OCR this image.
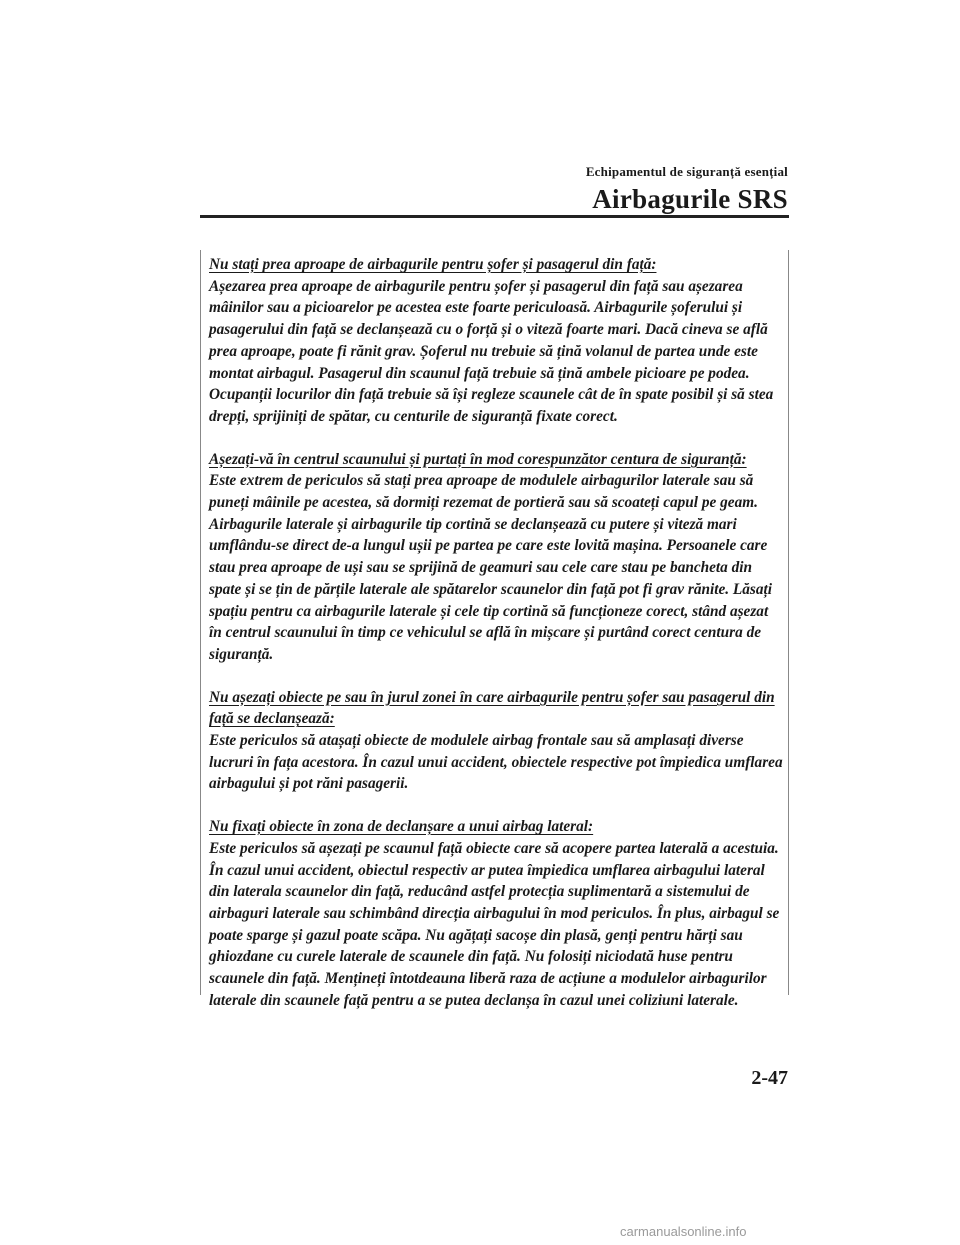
Echipamentul de siguranță esențial
Airbagurile SRS
Nu stați prea aproape de airbagurile pentru șofer și pasagerul din față:

Așezarea prea aproape de airbagurile pentru șofer și pasagerul din față sau așezarea mâinilor sau a picioarelor pe acestea este foarte periculoasă. Airbagurile șoferului și pasagerului din față se declanșează cu o forță și o viteză foarte mari. Dacă cineva se află prea aproape, poate fi rănit grav. Șoferul nu trebuie să țină volanul de partea unde este montat airbagul. Pasagerul din scaunul față trebuie să țină ambele picioare pe podea. Ocupanții locurilor din față trebuie să își regleze scaunele cât de în spate posibil și să stea drepți, sprijiniți de spătar, cu centurile de siguranță fixate corect.

Așezați-vă în centrul scaunului și purtați în mod corespunzător centura de siguranță:

Este extrem de periculos să stați prea aproape de modulele airbagurilor laterale sau să puneți mâinile pe acestea, să dormiți rezemat de portieră sau să scoateți capul pe geam. Airbagurile laterale și airbagurile tip cortină se declanșează cu putere și viteză mari umflându-se direct de-a lungul ușii pe partea pe care este lovită mașina. Persoanele care stau prea aproape de uși sau se sprijină de geamuri sau cele care stau pe bancheta din spate și se țin de părțile laterale ale spătarelor scaunelor din față pot fi grav rănite. Lăsați spațiu pentru ca airbagurile laterale și cele tip cortină să funcționeze corect, stând așezat în centrul scaunului în timp ce vehiculul se află în mișcare și purtând corect centura de siguranță.

Nu așezați obiecte pe sau în jurul zonei în care airbagurile pentru șofer sau pasagerul din față se declanșează:

Este periculos să atașați obiecte de modulele airbag frontale sau să amplasați diverse lucruri în fața acestora. În cazul unui accident, obiectele respective pot împiedica umflarea airbagului și pot răni pasagerii.

Nu fixați obiecte în zona de declanșare a unui airbag lateral:

Este periculos să așezați pe scaunul față obiecte care să acopere partea laterală a acestuia. În cazul unui accident, obiectul respectiv ar putea împiedica umflarea airbagului lateral din laterala scaunelor din față, reducând astfel protecția suplimentară a sistemului de airbaguri laterale sau schimbând direcția airbagului în mod periculos. În plus, airbagul se poate sparge și gazul poate scăpa. Nu agățați sacoșe din plasă, genți pentru hărți sau ghiozdane cu curele laterale de scaunele din față. Nu folosiți niciodată huse pentru scaunele din față. Mențineți întotdeauna liberă raza de acțiune a modulelor airbagurilor laterale din scaunele față pentru a se putea declanșa în cazul unei coliziuni laterale.

2-47
carmanualsonline.info
